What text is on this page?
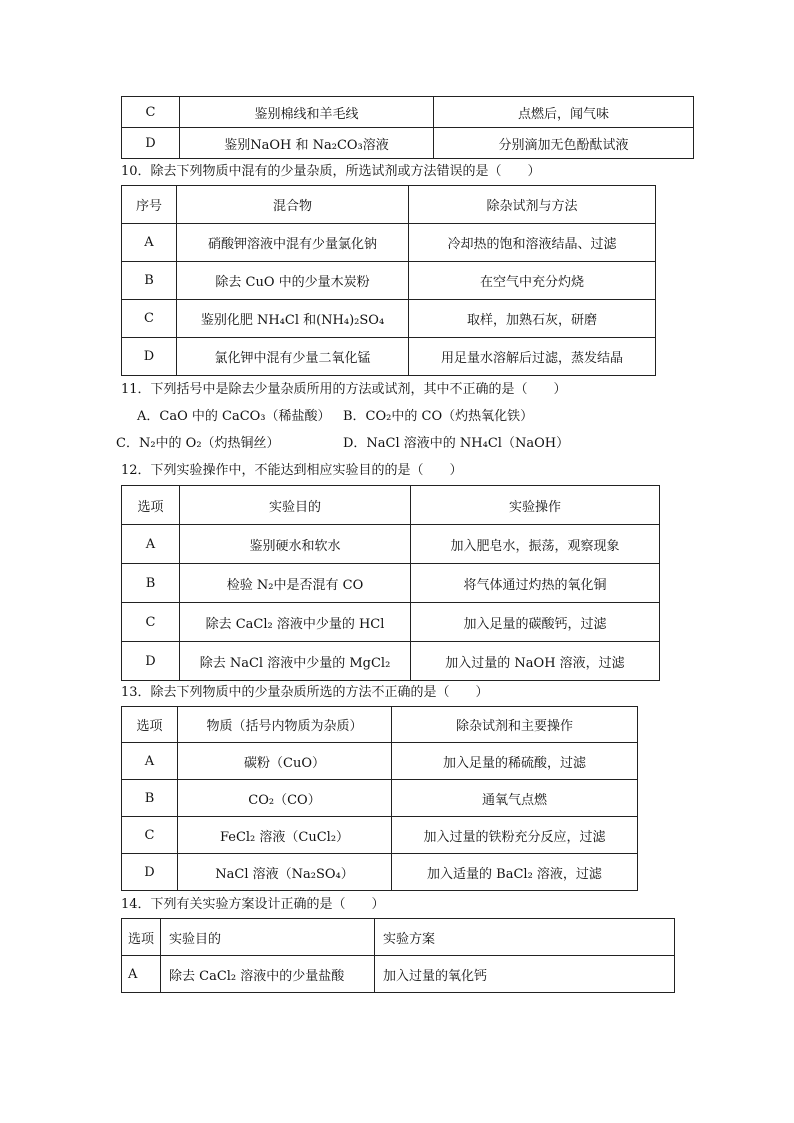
C	鉴别棉线和羊毛线	点燃后，闻气味
D	鉴别NaOH 和 Na₂CO₃溶液	分别滴加无色酚酞试液
10．除去下列物质中混有的少量杂质，所选试剂或方法错误的是（　　）
序号	混合物	除杂试剂与方法
A	硝酸钾溶液中混有少量氯化钠	冷却热的饱和溶液结晶、过滤
B	除去 CuO 中的少量木炭粉	在空气中充分灼烧
C	鉴别化肥 NH₄Cl 和(NH₄)₂SO₄	取样，加熟石灰，研磨
D	氯化钾中混有少量二氧化锰	用足量水溶解后过滤，蒸发结晶
11．下列括号中是除去少量杂质所用的方法或试剂，其中不正确的是（　　）
A．CaO 中的 CaCO₃（稀盐酸） B．CO₂中的 CO（灼热氧化铁）
C．N₂中的 O₂（灼热铜丝）	D．NaCl 溶液中的 NH₄Cl（NaOH）
12．下列实验操作中，不能达到相应实验目的的是（　　）
选项	实验目的	实验操作
A	鉴别硬水和软水	加入肥皂水，振荡，观察现象
B	检验 N₂中是否混有 CO	将气体通过灼热的氧化铜
C	除去 CaCl₂ 溶液中少量的 HCl	加入足量的碳酸钙，过滤
D	除去 NaCl 溶液中少量的 MgCl₂	加入过量的 NaOH 溶液，过滤
13．除去下列物质中的少量杂质所选的方法不正确的是（　　）
选项	物质（括号内物质为杂质）	除杂试剂和主要操作
A	碳粉（CuO）	加入足量的稀硫酸，过滤
B	CO₂（CO）	通氧气点燃
C	FeCl₂ 溶液（CuCl₂）	加入过量的铁粉充分反应，过滤
D	NaCl 溶液（Na₂SO₄）	加入适量的 BaCl₂ 溶液，过滤
14．下列有关实验方案设计正确的是（　　）
选项	实验目的	实验方案
A	除去 CaCl₂ 溶液中的少量盐酸	加入过量的氧化钙
